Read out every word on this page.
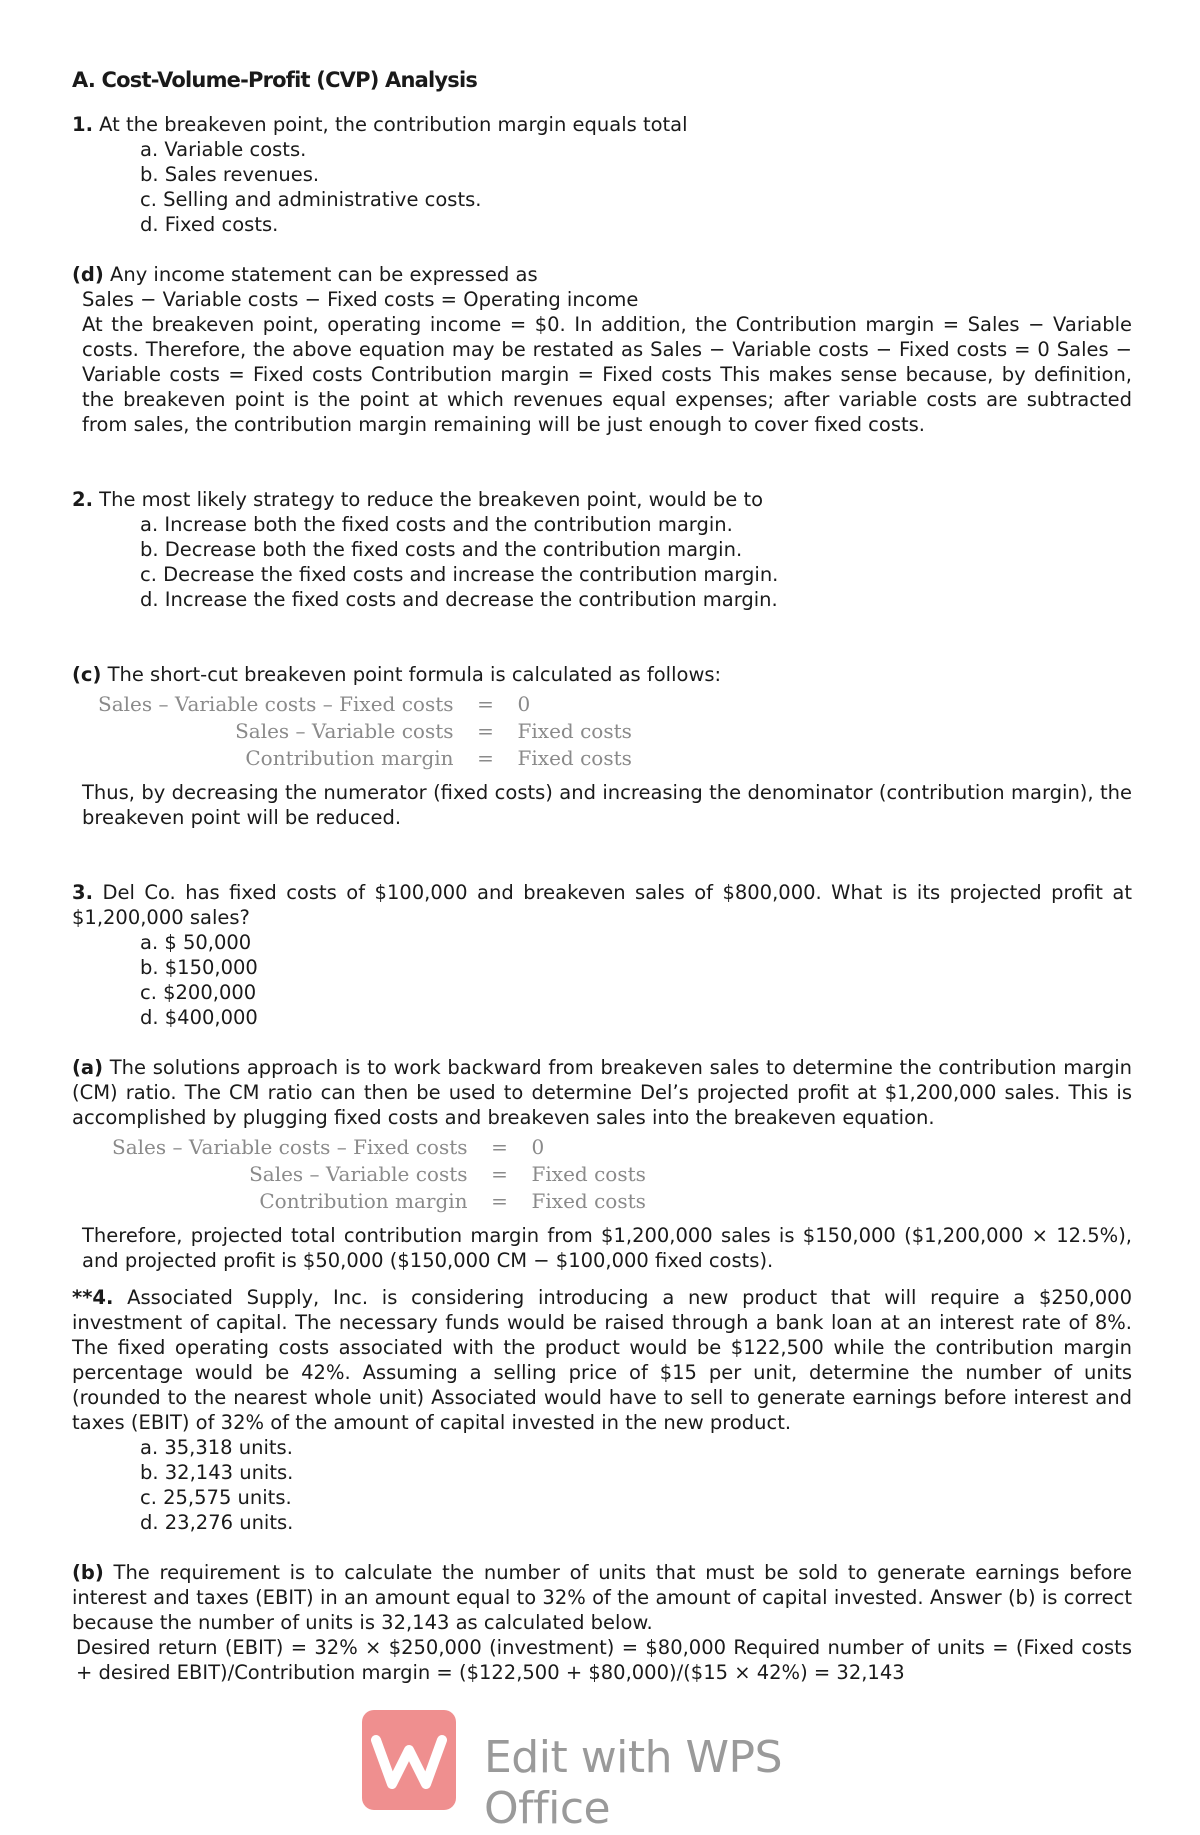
A. Cost-Volume-Profit (CVP) Analysis

1. At the breakeven point, the contribution margin equals total

a. Variable costs.
b. Sales revenues.
c. Selling and administrative costs.
d. Fixed costs.

(d) Any income statement can be expressed as

Sales − Variable costs − Fixed costs = Operating income

At the breakeven point, operating income = $0. In addition, the Contribution margin = Sales − Variable costs. Therefore, the above equation may be restated as Sales − Variable costs − Fixed costs = 0 Sales − Variable costs = Fixed costs Contribution margin = Fixed costs This makes sense because, by definition, the breakeven point is the point at which revenues equal expenses; after variable costs are subtracted from sales, the contribution margin remaining will be just enough to cover fixed costs.

2. The most likely strategy to reduce the breakeven point, would be to

a. Increase both the fixed costs and the contribution margin.
b. Decrease both the fixed costs and the contribution margin.
c. Decrease the fixed costs and increase the contribution margin.
d. Increase the fixed costs and decrease the contribution margin.

(c) The short-cut breakeven point formula is calculated as follows:

Sales – Variable costs – Fixed costs	=	0
Sales – Variable costs	=	Fixed costs
Contribution margin	=	Fixed costs

Thus, by decreasing the numerator (fixed costs) and increasing the denominator (contribution margin), the breakeven point will be reduced.

3. Del Co. has fixed costs of $100,000 and breakeven sales of $800,000. What is its projected profit at $1,200,000 sales?

a. $ 50,000
b. $150,000
c. $200,000
d. $400,000

(a) The solutions approach is to work backward from breakeven sales to determine the contribution margin (CM) ratio. The CM ratio can then be used to determine Del’s projected profit at $1,200,000 sales. This is accomplished by plugging fixed costs and breakeven sales into the breakeven equation.

Sales – Variable costs – Fixed costs	=	0
Sales – Variable costs	=	Fixed costs
Contribution margin	=	Fixed costs

Therefore, projected total contribution margin from $1,200,000 sales is $150,000 ($1,200,000 × 12.5%), and projected profit is $50,000 ($150,000 CM − $100,000 fixed costs).

**4. Associated Supply, Inc. is considering introducing a new product that will require a $250,000 investment of capital. The necessary funds would be raised through a bank loan at an interest rate of 8%. The fixed operating costs associated with the product would be $122,500 while the contribution margin percentage would be 42%. Assuming a selling price of $15 per unit, determine the number of units (rounded to the nearest whole unit) Associated would have to sell to generate earnings before interest and taxes (EBIT) of 32% of the amount of capital invested in the new product.

a. 35,318 units.
b. 32,143 units.
c. 25,575 units.
d. 23,276 units.

(b) The requirement is to calculate the number of units that must be sold to generate earnings before interest and taxes (EBIT) in an amount equal to 32% of the amount of capital invested. Answer (b) is correct because the number of units is 32,143 as calculated below.

Desired return (EBIT) = 32% × $250,000 (investment) = $80,000 Required number of units = (Fixed costs + desired EBIT)/Contribution margin = ($122,500 + $80,000)/($15 × 42%) = 32,143

Edit with WPS Office
